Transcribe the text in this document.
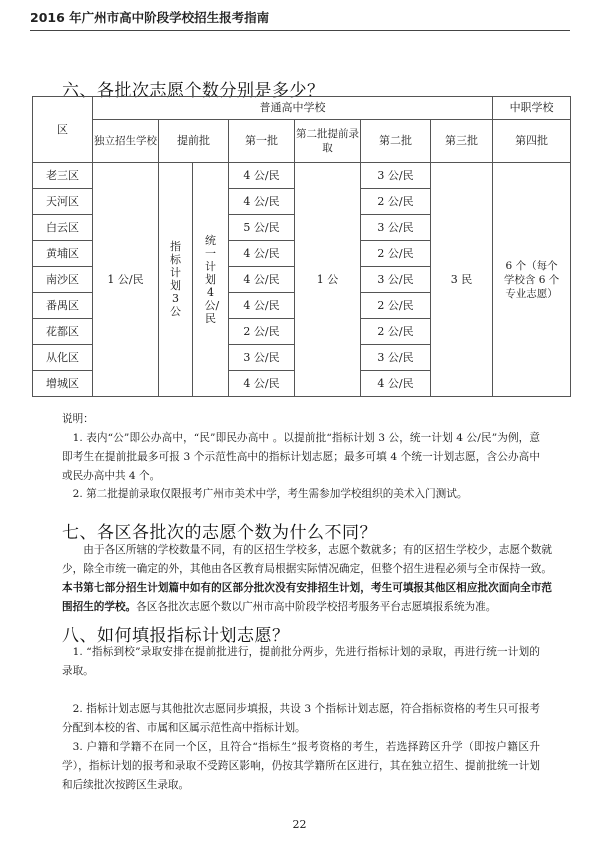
2016 年广州市高中阶段学校招生报考指南
六、各批次志愿个数分别是多少？
区	普通高中学校							中职学校
	独立招生学校	提前批		第一批	第二批提前录取	第二批	第三批	第四批
老三区	1 公/民	指标计划3公	统一计划4公/民	4 公/民	1 公	3 公/民	3 民	6 个（每个学校含 6 个专业志愿）
天河区				4 公/民		2 公/民		
白云区				5 公/民		3 公/民		
黄埔区				4 公/民		2 公/民		
南沙区				4 公/民		3 公/民		
番禺区				4 公/民		2 公/民		
花都区				2 公/民		2 公/民		
从化区				3 公/民		3 公/民		
增城区				4 公/民		4 公/民		
说明：
1. 表内“公”即公办高中，“民”即民办高中 。以提前批“指标计划 3 公，统一计划 4 公/民”为例，意即考生在提前批最多可报 3 个示范性高中的指标计划志愿；最多可填 4 个统一计划志愿，含公办高中或民办高中共 4 个。
2. 第二批提前录取仅限报考广州市美术中学，考生需参加学校组织的美术入门测试。
七、各区各批次的志愿个数为什么不同？
由于各区所辖的学校数量不同，有的区招生学校多，志愿个数就多；有的区招生学校少，志愿个数就少，除全市统一确定的外，其他由各区教育局根据实际情况确定，但整个招生进程必须与全市保持一致。本书第七部分招生计划篇中如有的区部分批次没有安排招生计划，考生可填报其他区相应批次面向全市范围招生的学校。各区各批次志愿个数以广州市高中阶段学校招考服务平台志愿填报系统为准。
八、如何填报指标计划志愿？
1. “指标到校”录取安排在提前批进行，提前批分两步，先进行指标计划的录取，再进行统一计划的录取。
2. 指标计划志愿与其他批次志愿同步填报，共设 3 个指标计划志愿，符合指标资格的考生只可报考分配到本校的省、市属和区属示范性高中指标计划。
3. 户籍和学籍不在同一个区，且符合“指标生”报考资格的考生，若选择跨区升学（即按户籍区升学），指标计划的报考和录取不受跨区影响，仍按其学籍所在区进行，其在独立招生、提前批统一计划和后续批次按跨区生录取。
22
